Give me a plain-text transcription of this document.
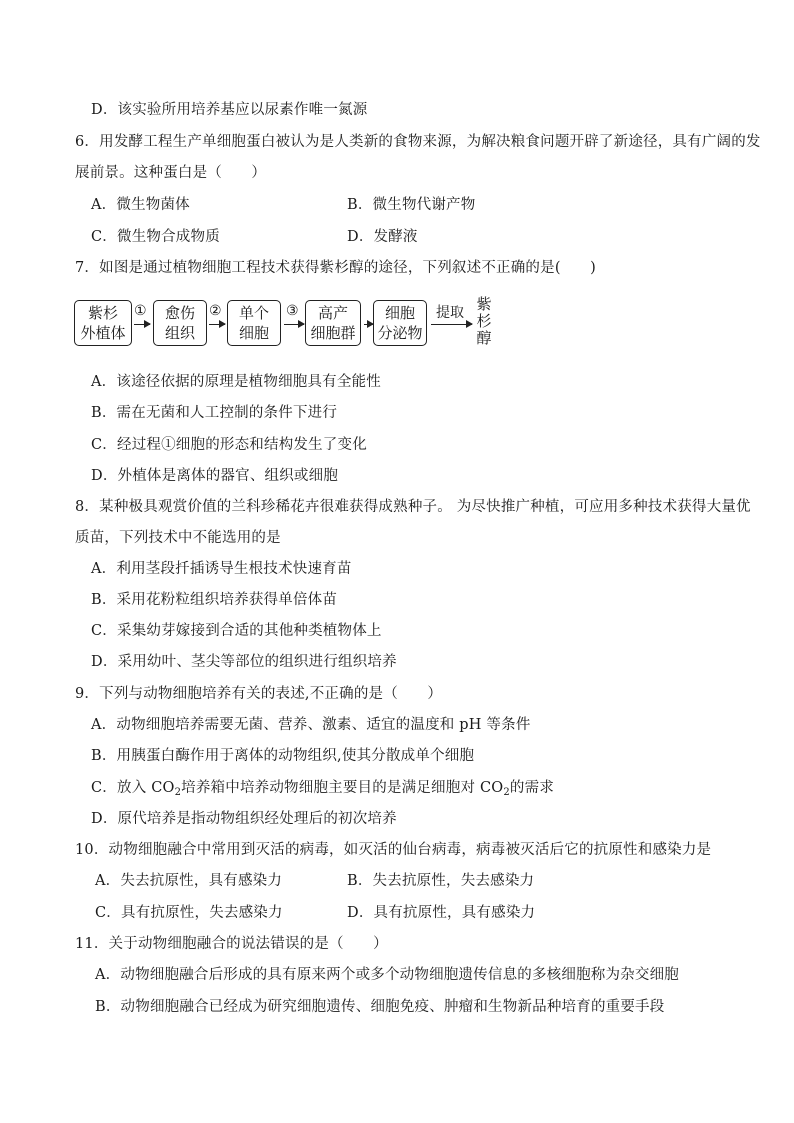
D．该实验所用培养基应以尿素作唯一氮源
6．用发酵工程生产单细胞蛋白被认为是人类新的食物来源，为解决粮食问题开辟了新途径，具有广阔的发
展前景。这种蛋白是（　　）
A．微生物菌体	B．微生物代谢产物
C．微生物合成物质	D．发酵液
7．如图是通过植物细胞工程技术获得紫杉醇的途径，下列叙述不正确的是(　　)
紫杉
外植体
①	愈伤
组织
②	单个
细胞
③	高产
细胞群
细胞
分泌物
提取 紫
杉
醇
A．该途径依据的原理是植物细胞具有全能性
B．需在无菌和人工控制的条件下进行
C．经过程①细胞的形态和结构发生了变化
D．外植体是离体的器官、组织或细胞
8．某种极具观赏价值的兰科珍稀花卉很难获得成熟种子。 为尽快推广种植，可应用多种技术获得大量优
质苗，下列技术中不能选用的是
A．利用茎段扦插诱导生根技术快速育苗
B．采用花粉粒组织培养获得单倍体苗
C．采集幼芽嫁接到合适的其他种类植物体上
D．采用幼叶、茎尖等部位的组织进行组织培养
9．下列与动物细胞培养有关的表述,不正确的是（　　）
A．动物细胞培养需要无菌、营养、激素、适宜的温度和 pH 等条件
B．用胰蛋白酶作用于离体的动物组织,使其分散成单个细胞
C．放入 $CO_2$培养箱中培养动物细胞主要目的是满足细胞对 $CO_2$的需求
D．原代培养是指动物组织经处理后的初次培养
10．动物细胞融合中常用到灭活的病毒，如灭活的仙台病毒，病毒被灭活后它的抗原性和感染力是
A．失去抗原性，具有感染力	B．失去抗原性，失去感染力
C．具有抗原性，失去感染力	D．具有抗原性，具有感染力
11．关于动物细胞融合的说法错误的是（　　）
A．动物细胞融合后形成的具有原来两个或多个动物细胞遗传信息的多核细胞称为杂交细胞
B．动物细胞融合已经成为研究细胞遗传、细胞免疫、肿瘤和生物新品种培育的重要手段
